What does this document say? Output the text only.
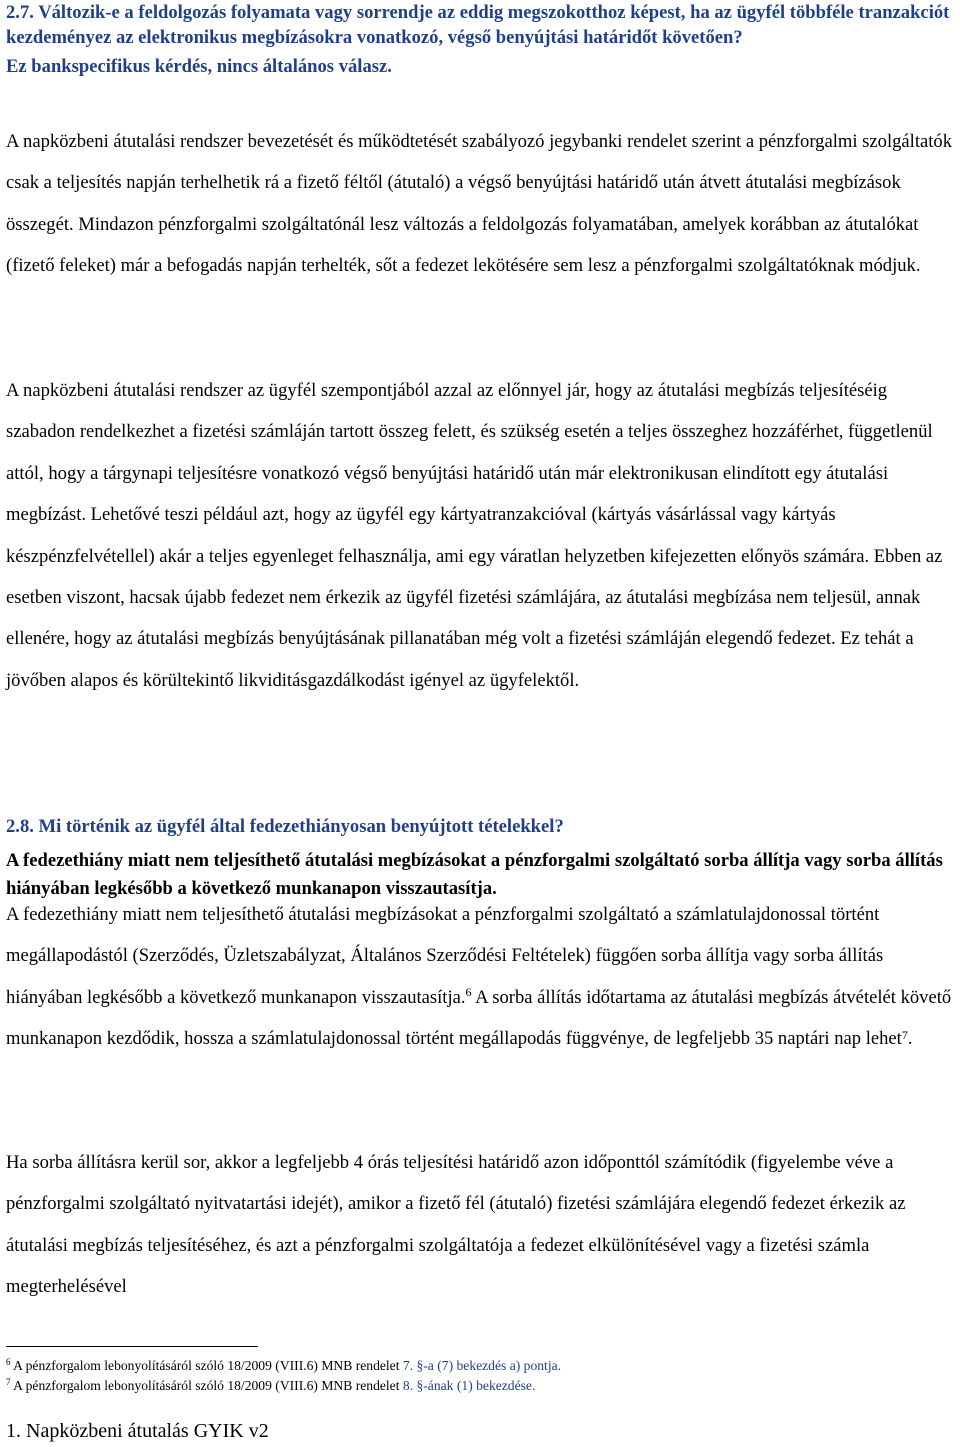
2.7. Változik-e a feldolgozás folyamata vagy sorrendje az eddig megszokotthoz képest, ha az ügyfél többféle tranzakciót kezdeményez az elektronikus megbízásokra vonatkozó, végső benyújtási határidőt követően?
Ez bankspecifikus kérdés, nincs általános válasz.

A napközbeni átutalási rendszer bevezetését és működtetését szabályozó jegybanki rendelet szerint a pénzforgalmi szolgáltatók csak a teljesítés napján terhelhetik rá a fizető féltől (átutaló) a végső benyújtási határidő után átvett átutalási megbízások összegét. Mindazon pénzforgalmi szolgáltatónál lesz változás a feldolgozás folyamatában, amelyek korábban az átutalókat (fizető feleket) már a befogadás napján terhelték, sőt a fedezet lekötésére sem lesz a pénzforgalmi szolgáltatóknak módjuk.

A napközbeni átutalási rendszer az ügyfél szempontjából azzal az előnnyel jár, hogy az átutalási megbízás teljesítéséig szabadon rendelkezhet a fizetési számláján tartott összeg felett, és szükség esetén a teljes összeghez hozzáférhet, függetlenül attól, hogy a tárgynapi teljesítésre vonatkozó végső benyújtási határidő után már elektronikusan elindított egy átutalási megbízást. Lehetővé teszi például azt, hogy az ügyfél egy kártyatranzakcióval (kártyás vásárlással vagy kártyás készpénzfelvétellel) akár a teljes egyenleget felhasználja, ami egy váratlan helyzetben kifejezetten előnyös számára. Ebben az esetben viszont, hacsak újabb fedezet nem érkezik az ügyfél fizetési számlájára, az átutalási megbízása nem teljesül, annak ellenére, hogy az átutalási megbízás benyújtásának pillanatában még volt a fizetési számláján elegendő fedezet. Ez tehát a jövőben alapos és körültekintő likviditásgazdálkodást igényel az ügyfelektől.

2.8. Mi történik az ügyfél által fedezethiányosan benyújtott tételekkel?

A fedezethiány miatt nem teljesíthető átutalási megbízásokat a pénzforgalmi szolgáltató sorba állítja vagy sorba állítás hiányában legkésőbb a következő munkanapon visszautasítja.

A fedezethiány miatt nem teljesíthető átutalási megbízásokat a pénzforgalmi szolgáltató a számlatulajdonossal történt megállapodástól (Szerződés, Üzletszabályzat, Általános Szerződési Feltételek) függően sorba állítja vagy sorba állítás hiányában legkésőbb a következő munkanapon visszautasítja.$^6$ A sorba állítás időtartama az átutalási megbízás átvételét követő munkanapon kezdődik, hossza a számlatulajdonossal történt megállapodás függvénye, de legfeljebb 35 naptári nap lehet$_7$.

Ha sorba állításra kerül sor, akkor a legfeljebb 4 órás teljesítési határidő azon időponttól számítódik (figyelembe véve a pénzforgalmi szolgáltató nyitvatartási idejét), amikor a fizető fél (átutaló) fizetési számlájára elegendő fedezet érkezik az átutalási megbízás teljesítéséhez, és azt a pénzforgalmi szolgáltatója a fedezet elkülönítésével vagy a fizetési számla megterhelésével

$^6$ A pénzforgalom lebonyolításáról szóló 18/2009 (VIII.6) MNB rendelet 7. §-a (7) bekezdés a) pontja.
$^7$ A pénzforgalom lebonyolításáról szóló 18/2009 (VIII.6) MNB rendelet 8. §-ának (1) bekezdése.
1. Napközbeni átutalás GYIK v2
